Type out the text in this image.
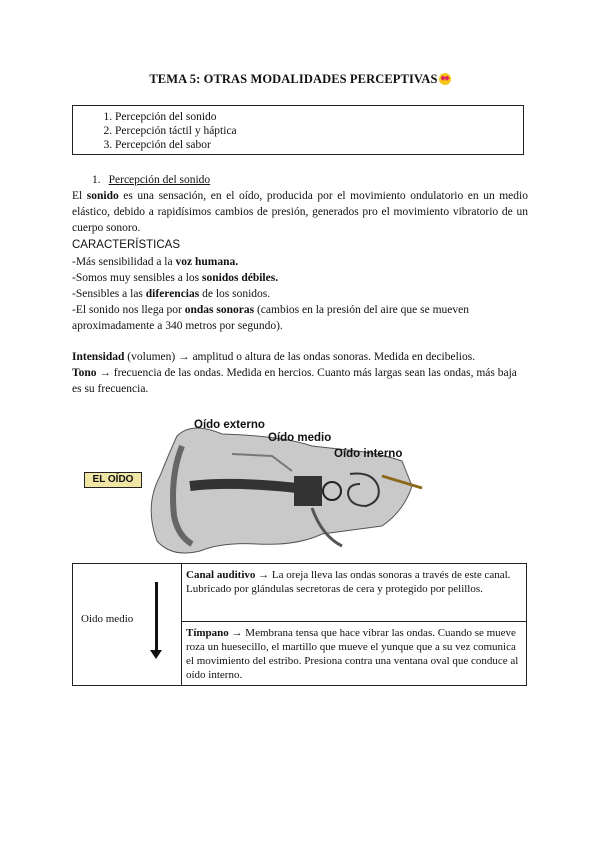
TEMA 5: OTRAS MODALIDADES PERCEPTIVAS
1. Percepción del sonido
2. Percepción táctil y háptica
3. Percepción del sabor
1. Percepción del sonido
El sonido es una sensación, en el oído, producida por el movimiento ondulatorio en un medio elástico, debido a rapidísimos cambios de presión, generados pro el movimiento vibratorio de un cuerpo sonoro.
CARACTERÍSTICAS
-Más sensibilidad a la voz humana.
-Somos muy sensibles a los sonidos débiles.
-Sensibles a las diferencias de los sonidos.
-El sonido nos llega por ondas sonoras (cambios en la presión del aire que se mueven aproximadamente a 340 metros por segundo).
Intensidad (volumen) → amplitud o altura de las ondas sonoras. Medida en decibelios.
Tono → frecuencia de las ondas. Medida en hercios. Cuanto más largas sean las ondas, más baja es su frecuencia.
EL OÍDO
Oído externo
Oído medio
Oído interno
Oido medio
	Canal auditivo → La oreja lleva las ondas sonoras a través de este canal. Lubricado por glándulas secretoras de cera y protegido por pelillos.
Tímpano → Membrana tensa que hace vibrar las ondas. Cuando se mueve roza un huesecillo, el martillo que mueve el yunque que a su vez comunica el movimiento del estribo. Presiona contra una ventana oval que conduce al oído interno.
